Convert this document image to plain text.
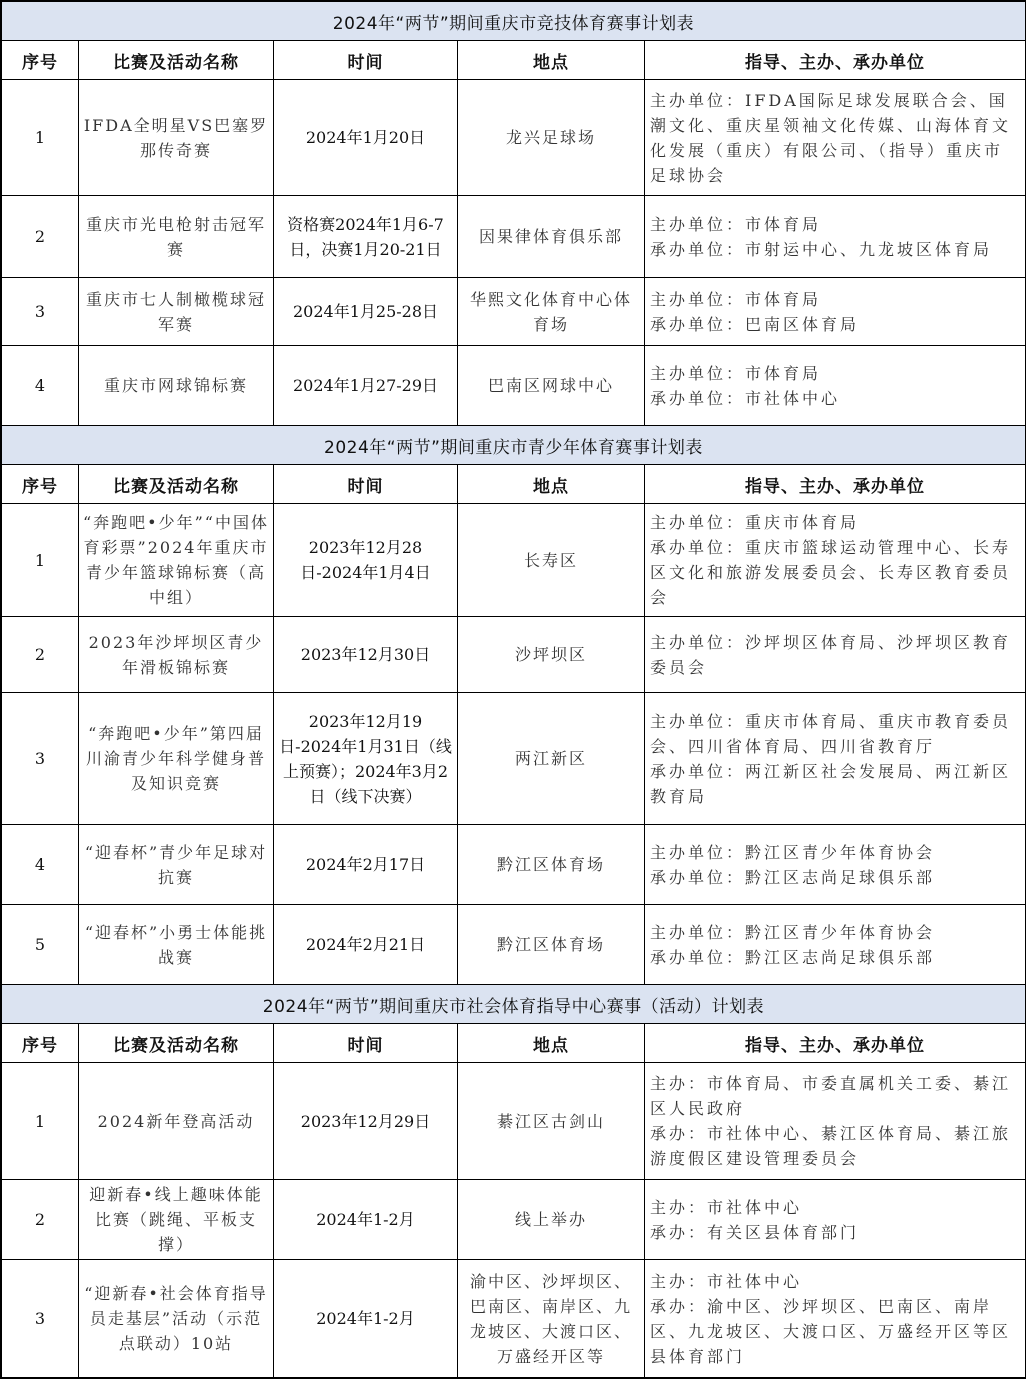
2024年“两节”期间重庆市竞技体育赛事计划表				
序号	比赛及活动名称	时间	地点	指导、主办、承办单位
1	IFDA全明星VS巴塞罗那传奇赛	2024年1月20日	龙兴足球场	主办单位：IFDA国际足球发展联合会、国潮文化、重庆星领袖文化传媒、山海体育文化发展（重庆）有限公司、（指导）重庆市足球协会

2	重庆市光电枪射击冠军赛	资格赛2024年1月6-7日，决赛1月20-21日	因果律体育俱乐部	主办单位：市体育局
承办单位：市射运中心、九龙坡区体育局

3	重庆市七人制橄榄球冠军赛	2024年1月25-28日	华熙文化体育中心体育场	主办单位：市体育局
承办单位：巴南区体育局

4	重庆市网球锦标赛	2024年1月27-29日	巴南区网球中心	主办单位：市体育局
承办单位：市社体中心

2024年“两节”期间重庆市青少年体育赛事计划表				
序号	比赛及活动名称	时间	地点	指导、主办、承办单位
1	“奔跑吧•少年”“中国体育彩票”2024年重庆市青少年篮球锦标赛（高中组）	2023年12月28日-2024年1月4日	长寿区	主办单位：重庆市体育局
承办单位：重庆市篮球运动管理中心、长寿区文化和旅游发展委员会、长寿区教育委员会

2	2023年沙坪坝区青少年滑板锦标赛	2023年12月30日	沙坪坝区	主办单位：沙坪坝区体育局、沙坪坝区教育委员会

3	“奔跑吧•少年”第四届川渝青少年科学健身普及知识竞赛	2023年12月19日-2024年1月31日（线上预赛）；2024年3月2日（线下决赛）	两江新区	主办单位：重庆市体育局、重庆市教育委员会、四川省体育局、四川省教育厅
承办单位：两江新区社会发展局、两江新区教育局

4	“迎春杯”青少年足球对抗赛	2024年2月17日	黔江区体育场	主办单位：黔江区青少年体育协会
承办单位：黔江区志尚足球俱乐部

5	“迎春杯”小勇士体能挑战赛	2024年2月21日	黔江区体育场	主办单位：黔江区青少年体育协会
承办单位：黔江区志尚足球俱乐部

2024年“两节”期间重庆市社会体育指导中心赛事（活动）计划表				
序号	比赛及活动名称	时间	地点	指导、主办、承办单位
1	2024新年登高活动	2023年12月29日	綦江区古剑山	主办：市体育局、市委直属机关工委、綦江区人民政府
承办：市社体中心、綦江区体育局、綦江旅游度假区建设管理委员会

2	迎新春•线上趣味体能比赛（跳绳、平板支撑）	2024年1-2月	线上举办	主办：市社体中心
承办：有关区县体育部门

3	“迎新春•社会体育指导员走基层”活动（示范点联动）10站	2024年1-2月	渝中区、沙坪坝区、巴南区、南岸区、九龙坡区、大渡口区、万盛经开区等	主办：市社体中心
承办：渝中区、沙坪坝区、巴南区、南岸区、九龙坡区、大渡口区、万盛经开区等区县体育部门
